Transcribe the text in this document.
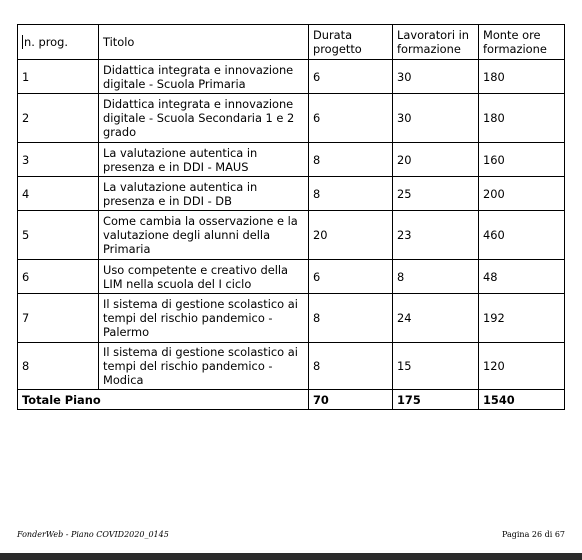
n. prog.	Titolo	Durata progetto	Lavoratori in formazione	Monte ore formazione
1	Didattica integrata e innovazione digitale - Scuola Primaria	6	30	180
2	Didattica integrata e innovazione digitale - Scuola Secondaria 1 e 2 grado	6	30	180
3	La valutazione autentica in presenza e in DDI - MAUS	8	20	160
4	La valutazione autentica in presenza e in DDI - DB	8	25	200
5	Come cambia la osservazione e la valutazione degli alunni della Primaria	20	23	460
6	Uso competente e creativo della LIM nella scuola del I ciclo	6	8	48
7	Il sistema di gestione scolastico ai tempi del rischio pandemico - Palermo	8	24	192
8	Il sistema di gestione scolastico ai tempi del rischio pandemico - Modica	8	15	120
Totale Piano		70	175	1540
FonderWeb - Piano COVID2020_0145	Pagina 26 di 67
